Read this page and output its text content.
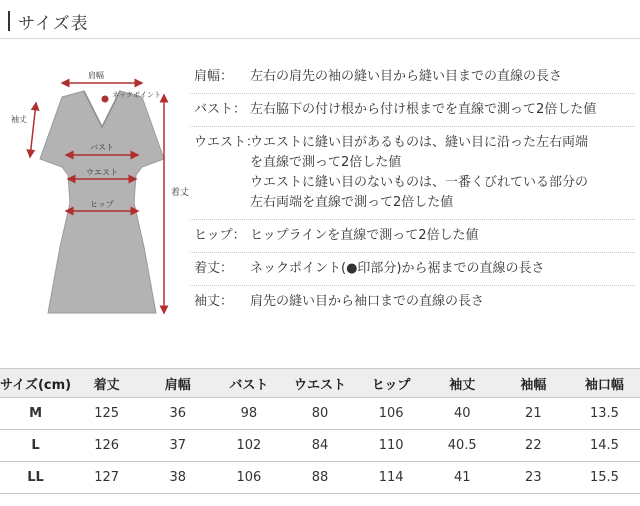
サイズ表
肩幅
ネックポイント
袖丈
バスト
ウエスト
ヒップ
着丈
肩幅：	左右の肩先の袖の縫い目から縫い目までの直線の長さ
バスト： 左右脇下の付け根から付け根までを直線で測って2倍した値
ウエスト：
ウエストに縫い目があるものは、縫い目に沿った左右両端
を直線で測って2倍した値
ウエストに縫い目のないものは、一番くびれている部分の
左右両端を直線で測って2倍した値
ヒップ： ヒップラインを直線で測って2倍した値
着丈：	ネックポイント(●印部分)から裾までの直線の長さ
袖丈：	肩先の縫い目から袖口までの直線の長さ
サイズ(cm)	着丈	肩幅	バスト	ウエスト	ヒップ	袖丈	袖幅	袖口幅
M	125	36	98	80	106	40	21	13.5
L	126	37	102	84	110	40.5	22	14.5
LL	127	38	106	88	114	41	23	15.5
